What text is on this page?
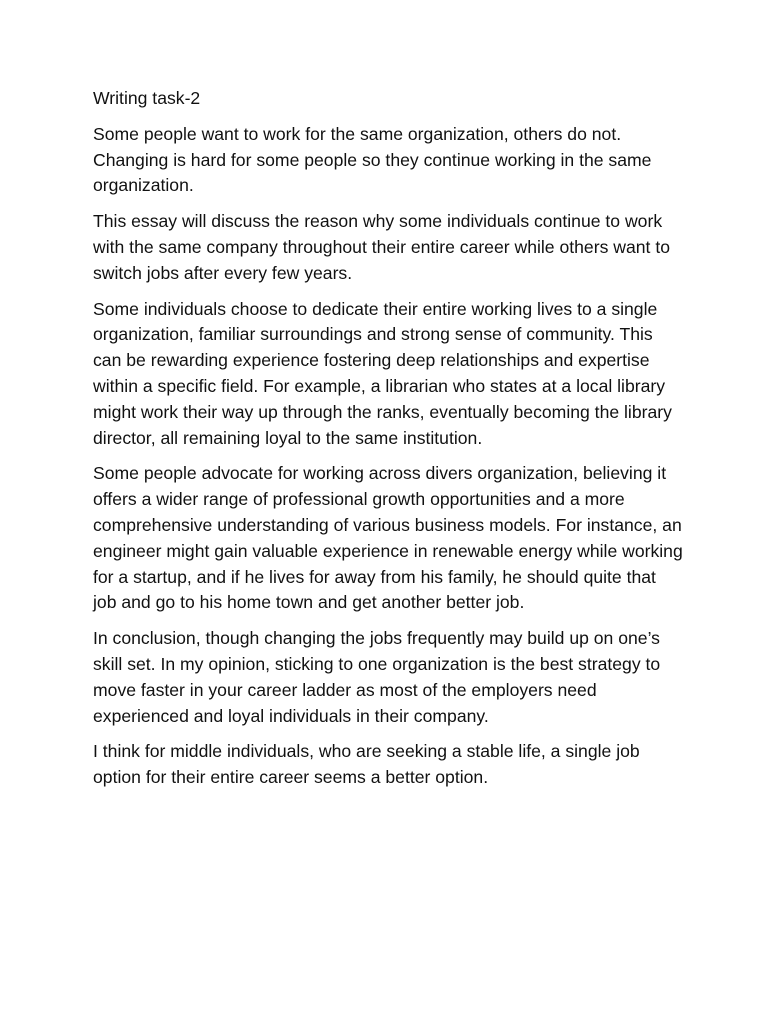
Writing task-2

Some people want to work for the same organization, others do not. Changing is hard for some people so they continue working in the same organization.

This essay will discuss the reason why some individuals continue to work with the same company throughout their entire career while others want to switch jobs after every few years.

Some individuals choose to dedicate their entire working lives to a single organization, familiar surroundings and strong sense of community. This can be rewarding experience fostering deep relationships and expertise within a specific field. For example, a librarian who states at a local library might work their way up through the ranks, eventually becoming the library director, all remaining loyal to the same institution.

Some people advocate for working across divers organization, believing it offers a wider range of professional growth opportunities and a more comprehensive understanding of various business models. For instance, an engineer might gain valuable experience in renewable energy while working for a startup, and if he lives for away from his family, he should quite that job and go to his home town and get another better job.

In conclusion, though changing the jobs frequently may build up on one’s skill set. In my opinion, sticking to one organization is the best strategy to move faster in your career ladder as most of the employers need experienced and loyal individuals in their company.

I think for middle individuals, who are seeking a stable life, a single job option for their entire career seems a better option.
